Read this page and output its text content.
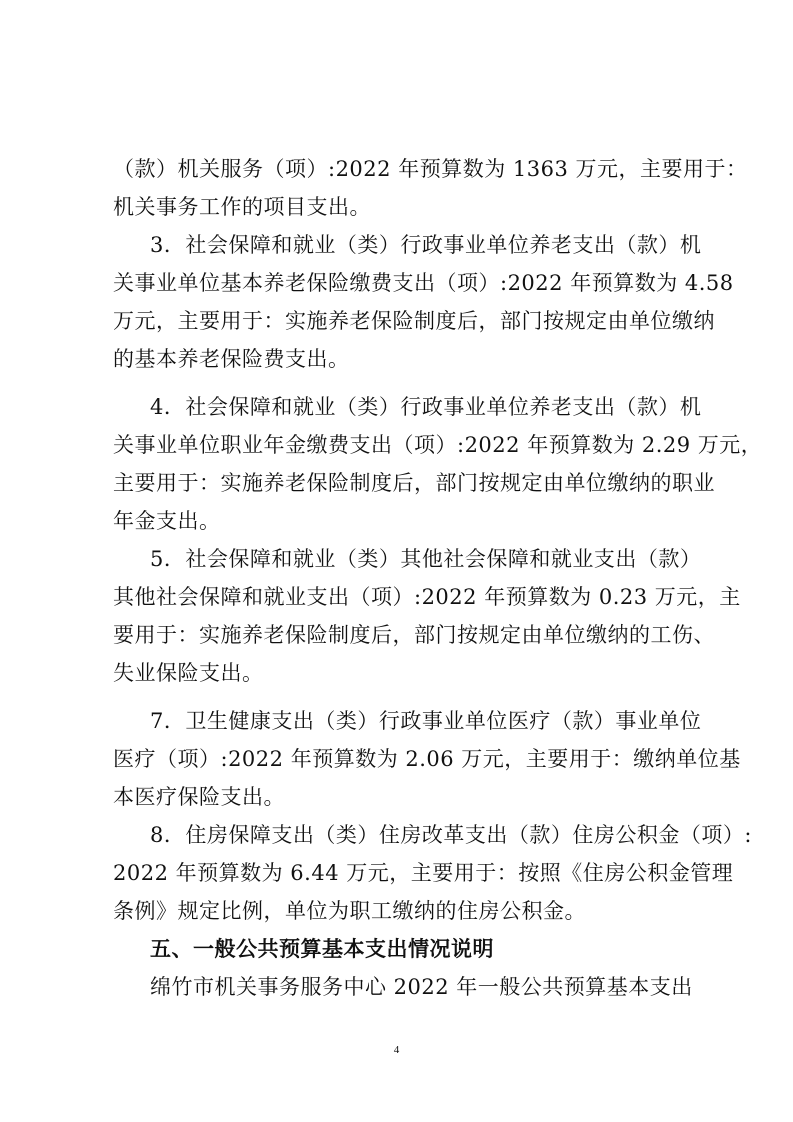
（款）机关服务（项）:2022 年预算数为 1363 万元，主要用于：
机关事务工作的项目支出。
3．社会保障和就业（类）行政事业单位养老支出（款）机
关事业单位基本养老保险缴费支出（项）:2022 年预算数为 4.58
万元，主要用于：实施养老保险制度后，部门按规定由单位缴纳
的基本养老保险费支出。
4．社会保障和就业（类）行政事业单位养老支出（款）机
关事业单位职业年金缴费支出（项）:2022 年预算数为 2.29 万元，
主要用于：实施养老保险制度后，部门按规定由单位缴纳的职业
年金支出。
5．社会保障和就业（类）其他社会保障和就业支出（款）
其他社会保障和就业支出（项）:2022 年预算数为 0.23 万元，主
要用于：实施养老保险制度后，部门按规定由单位缴纳的工伤、
失业保险支出。
7．卫生健康支出（类）行政事业单位医疗（款）事业单位
医疗（项）:2022 年预算数为 2.06 万元，主要用于：缴纳单位基
本医疗保险支出。
8．住房保障支出（类）住房改革支出（款）住房公积金（项）:
2022 年预算数为 6.44 万元，主要用于：按照《住房公积金管理
条例》规定比例，单位为职工缴纳的住房公积金。
五、一般公共预算基本支出情况说明
绵竹市机关事务服务中心 2022 年一般公共预算基本支出
4
